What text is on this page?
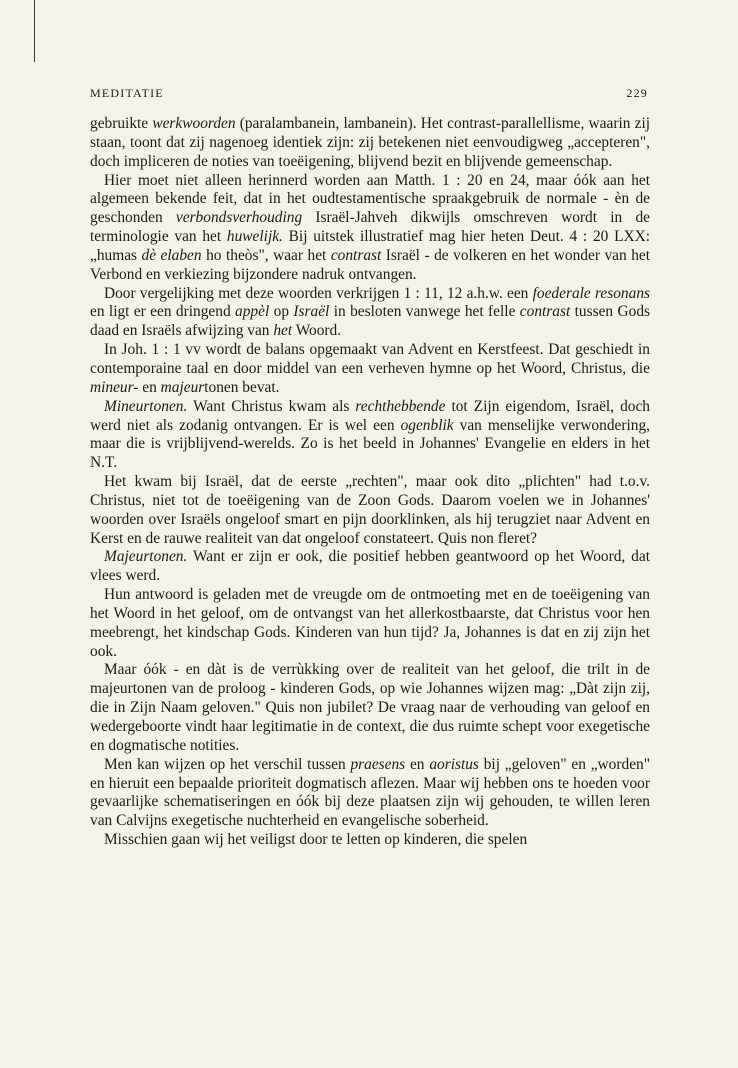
MEDITATIE	229

gebruikte werkwoorden (paralambanein, lambanein). Het contrast-parallellisme, waarin zij staan, toont dat zij nagenoeg identiek zijn: zij betekenen niet eenvoudigweg „accepteren", doch impliceren de noties van toeëigening, blijvend bezit en blijvende gemeenschap.

Hier moet niet alleen herinnerd worden aan Matth. 1 : 20 en 24, maar óók aan het algemeen bekende feit, dat in het oudtestamentische spraakgebruik de normale - èn de geschonden verbondsverhouding Israël-Jahveh dikwijls omschreven wordt in de terminologie van het huwelijk. Bij uitstek illustratief mag hier heten Deut. 4 : 20 LXX: „humas dè elaben ho theòs", waar het contrast Israël - de volkeren en het wonder van het Verbond en verkiezing bijzondere nadruk ontvangen.

Door vergelijking met deze woorden verkrijgen 1 : 11, 12 a.h.w. een foederale resonans en ligt er een dringend appèl op Israël in besloten vanwege het felle contrast tussen Gods daad en Israëls afwijzing van het Woord.

In Joh. 1 : 1 vv wordt de balans opgemaakt van Advent en Kerstfeest. Dat geschiedt in contemporaine taal en door middel van een verheven hymne op het Woord, Christus, die mineur- en majeurtonen bevat.

Mineurtonen. Want Christus kwam als rechthebbende tot Zijn eigendom, Israël, doch werd niet als zodanig ontvangen. Er is wel een ogenblik van menselijke verwondering, maar die is vrijblijvend-werelds. Zo is het beeld in Johannes' Evangelie en elders in het N.T.

Het kwam bij Israël, dat de eerste „rechten", maar ook dito „plichten" had t.o.v. Christus, niet tot de toeëigening van de Zoon Gods. Daarom voelen we in Johannes' woorden over Israëls ongeloof smart en pijn doorklinken, als hij terugziet naar Advent en Kerst en de rauwe realiteit van dat ongeloof constateert. Quis non fleret?

Majeurtonen. Want er zijn er ook, die positief hebben geantwoord op het Woord, dat vlees werd.

Hun antwoord is geladen met de vreugde om de ontmoeting met en de toeëigening van het Woord in het geloof, om de ontvangst van het allerkostbaarste, dat Christus voor hen meebrengt, het kindschap Gods. Kinderen van hun tijd? Ja, Johannes is dat en zij zijn het ook.

Maar óók - en dàt is de verrùkking over de realiteit van het geloof, die trilt in de majeurtonen van de proloog - kinderen Gods, op wie Johannes wijzen mag: „Dàt zijn zij, die in Zijn Naam geloven." Quis non jubilet? De vraag naar de verhouding van geloof en wedergeboorte vindt haar legitimatie in de context, die dus ruimte schept voor exegetische en dogmatische notities.

Men kan wijzen op het verschil tussen praesens en aoristus bij „geloven" en „worden" en hieruit een bepaalde prioriteit dogmatisch aflezen. Maar wij hebben ons te hoeden voor gevaarlijke schematiseringen en óók bij deze plaatsen zijn wij gehouden, te willen leren van Calvijns exegetische nuchterheid en evangelische soberheid.

Misschien gaan wij het veiligst door te letten op kinderen, die spelen
